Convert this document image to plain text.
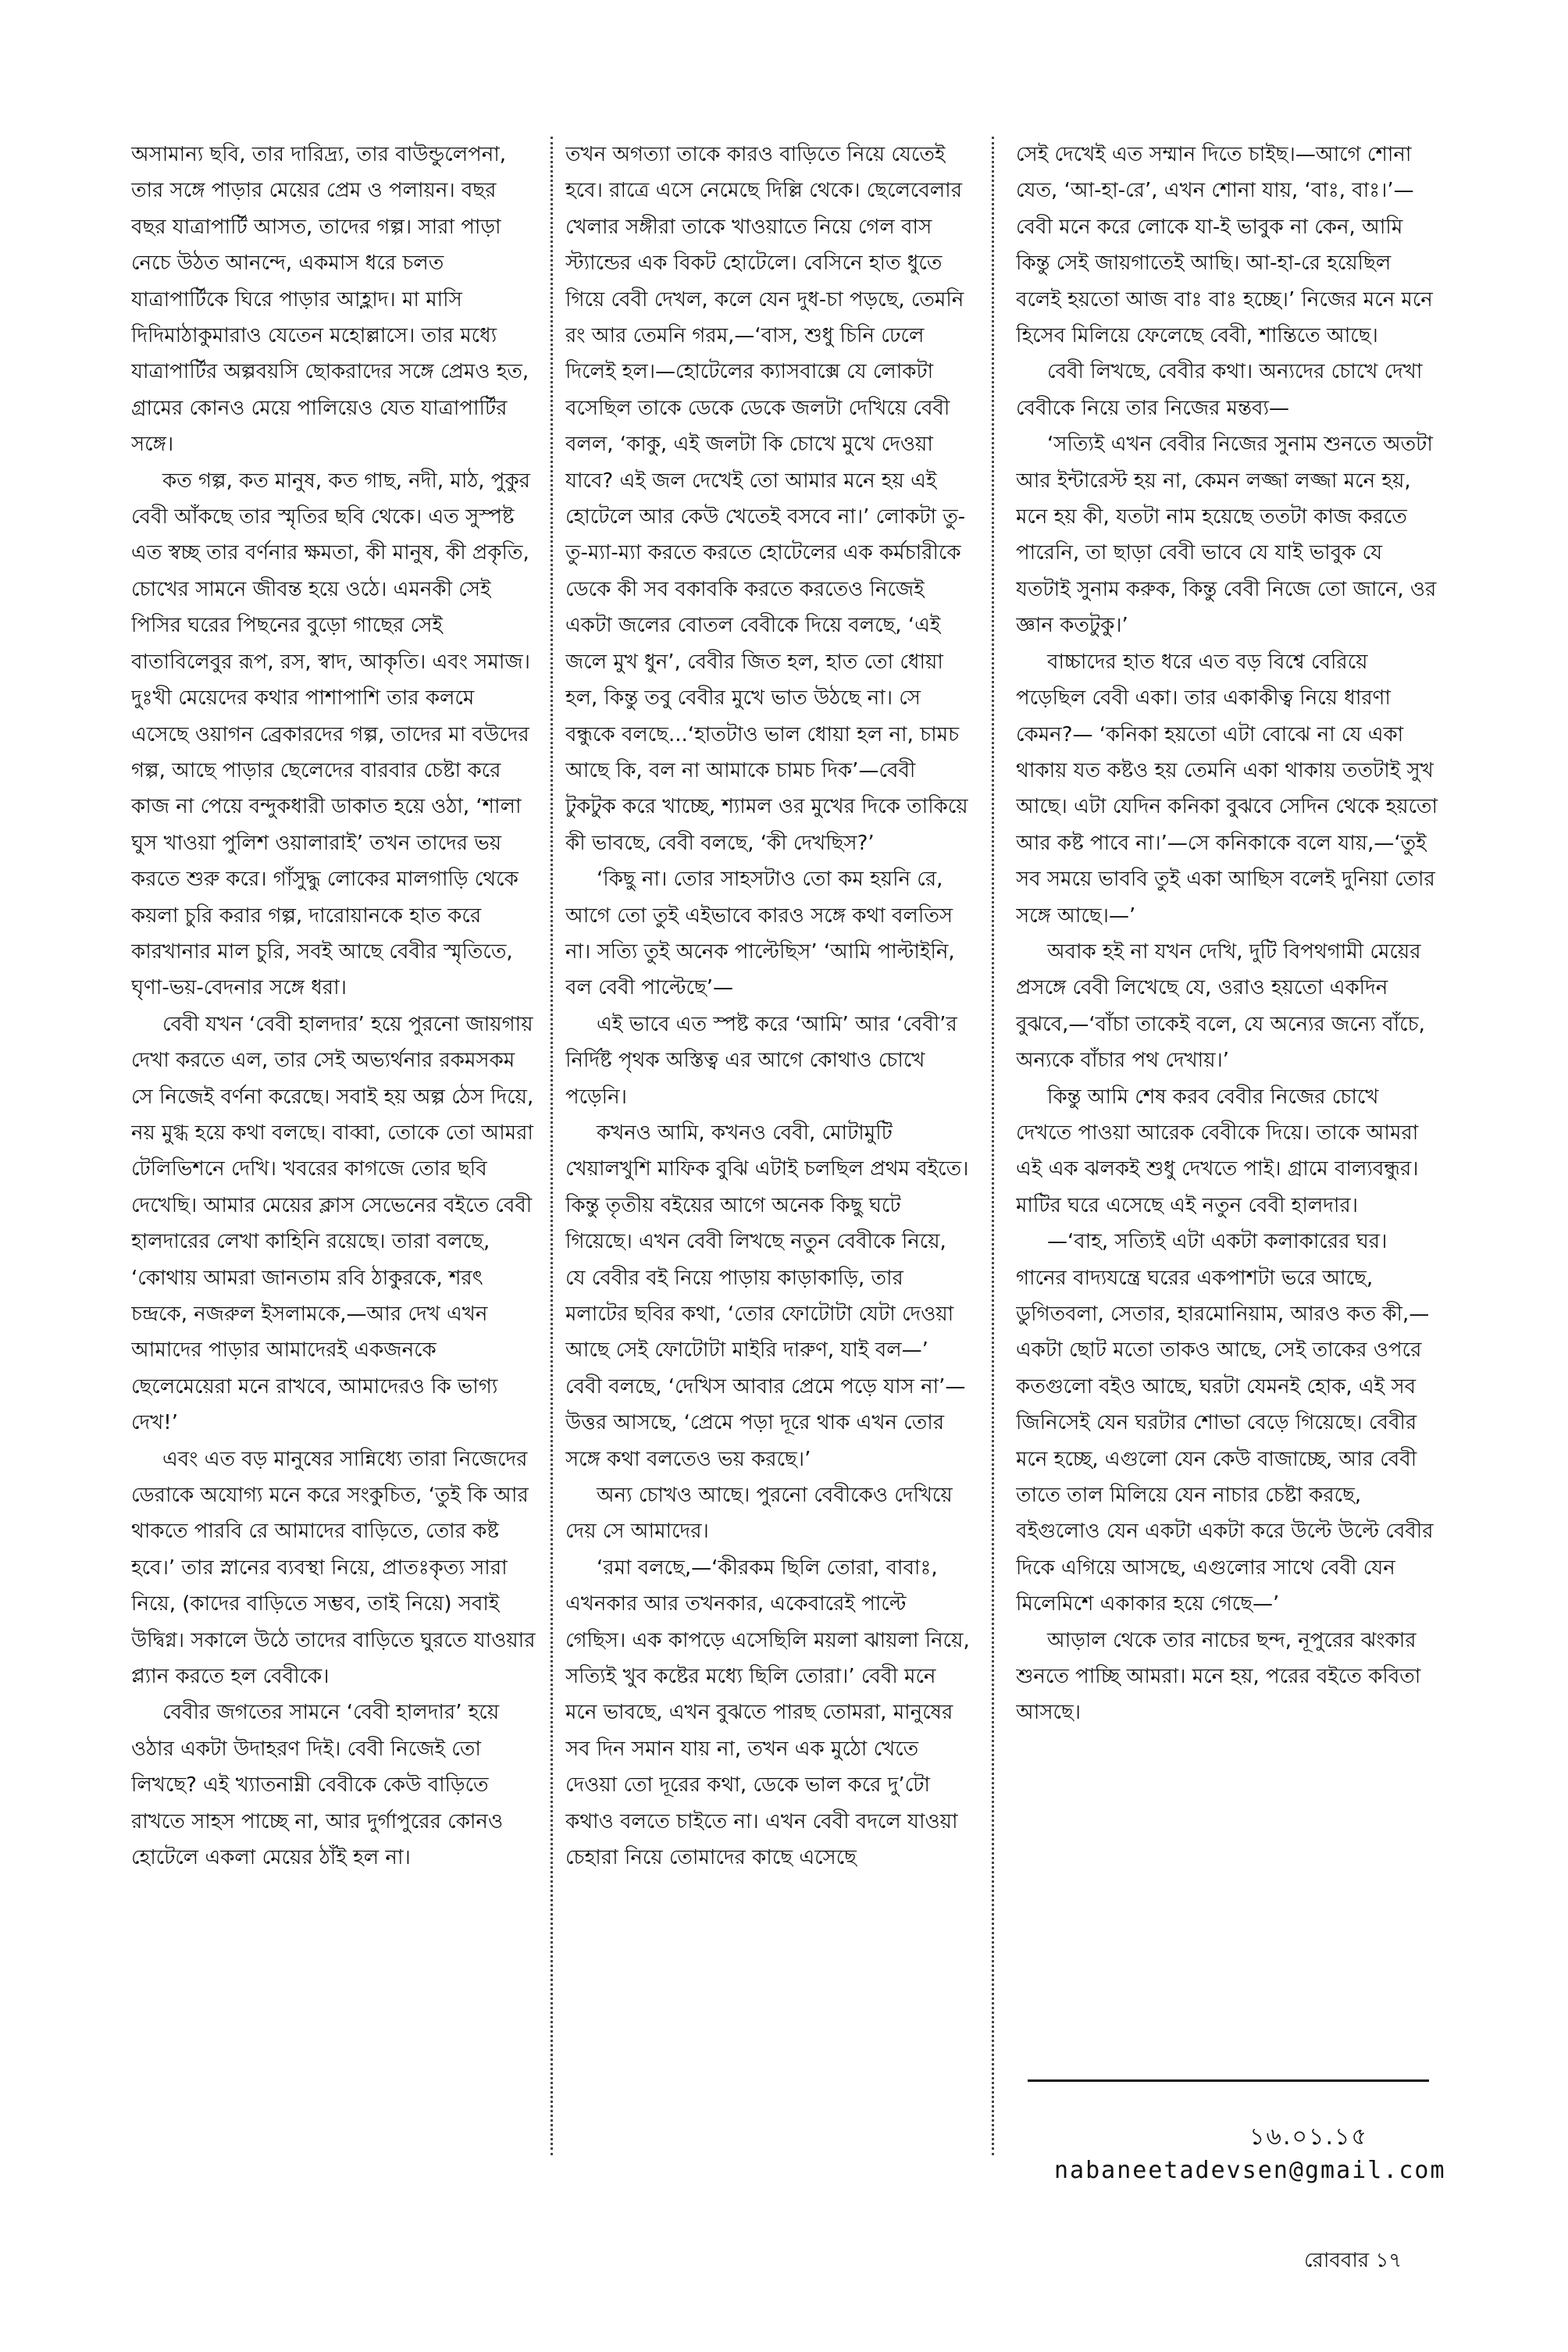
অসামান্য ছবি, তার দারিদ্র্য, তার বাউন্ডুলেপনা, তার সঙ্গে পাড়ার মেয়ের প্রেম ও পলায়ন। বছর বছর যাত্রাপার্টি আসত, তাদের গল্প। সারা পাড়া নেচে উঠত আনন্দে, একমাস ধরে চলত যাত্রাপার্টিকে ঘিরে পাড়ার আহ্লাদ। মা মাসি দিদিমাঠাকুমারাও যেতেন মহোল্লাসে। তার মধ্যে যাত্রাপার্টির অল্পবয়সি ছোকরাদের সঙ্গে প্রেমও হত, গ্রামের কোনও মেয়ে পালিয়েও যেত যাত্রাপার্টির সঙ্গে।

কত গল্প, কত মানুষ, কত গাছ, নদী, মাঠ, পুকুর বেবী আঁকছে তার স্মৃতির ছবি থেকে। এত সুস্পষ্ট এত স্বচ্ছ তার বর্ণনার ক্ষমতা, কী মানুষ, কী প্রকৃতি, চোখের সামনে জীবন্ত হয়ে ওঠে। এমনকী সেই পিসির ঘরের পিছনের বুড়ো গাছের সেই বাতাবিলেবুর রূপ, রস, স্বাদ, আকৃতি। এবং সমাজ। দুঃখী মেয়েদের কথার পাশাপাশি তার কলমে এসেছে ওয়াগন ব্রেকারদের গল্প, তাদের মা বউদের গল্প, আছে পাড়ার ছেলেদের বারবার চেষ্টা করে কাজ না পেয়ে বন্দুকধারী ডাকাত হয়ে ওঠা, ‘শালা ঘুস খাওয়া পুলিশ ওয়ালারাই’ তখন তাদের ভয় করতে শুরু করে। গাঁসুদ্ধু লোকের মালগাড়ি থেকে কয়লা চুরি করার গল্প, দারোয়ানকে হাত করে কারখানার মাল চুরি, সবই আছে বেবীর স্মৃতিতে, ঘৃণা-ভয়-বেদনার সঙ্গে ধরা।

বেবী যখন ‘বেবী হালদার’ হয়ে পুরনো জায়গায় দেখা করতে এল, তার সেই অভ্যর্থনার রকমসকম সে নিজেই বর্ণনা করেছে। সবাই হয় অল্প ঠেস দিয়ে, নয় মুগ্ধ হয়ে কথা বলছে। বাব্বা, তোকে তো আমরা টেলিভিশনে দেখি। খবরের কাগজে তোর ছবি দেখেছি। আমার মেয়ের ক্লাস সেভেনের বইতে বেবী হালদারের লেখা কাহিনি রয়েছে। তারা বলছে, ‘কোথায় আমরা জানতাম রবি ঠাকুরকে, শরৎ চন্দ্রকে, নজরুল ইসলামকে,—আর দেখ এখন আমাদের পাড়ার আমাদেরই একজনকে ছেলেমেয়েরা মনে রাখবে, আমাদেরও কি ভাগ্য দেখ!’

এবং এত বড় মানুষের সান্নিধ্যে তারা নিজেদের ডেরাকে অযোগ্য মনে করে সংকুচিত, ‘তুই কি আর থাকতে পারবি রে আমাদের বাড়িতে, তোর কষ্ট হবে।’ তার স্নানের ব্যবস্থা নিয়ে, প্রাতঃকৃত্য সারা নিয়ে, (কাদের বাড়িতে সম্ভব, তাই নিয়ে) সবাই উদ্বিগ্ন। সকালে উঠে তাদের বাড়িতে ঘুরতে যাওয়ার প্ল্যান করতে হল বেবীকে।

বেবীর জগতের সামনে ‘বেবী হালদার’ হয়ে ওঠার একটা উদাহরণ দিই। বেবী নিজেই তো লিখছে? এই খ্যাতনাম্নী বেবীকে কেউ বাড়িতে রাখতে সাহস পাচ্ছে না, আর দুর্গাপুরের কোনও হোটেলে একলা মেয়ের ঠাঁই হল না।

তখন অগত্যা তাকে কারও বাড়িতে নিয়ে যেতেই হবে। রাত্রে এসে নেমেছে দিল্লি থেকে। ছেলেবেলার খেলার সঙ্গীরা তাকে খাওয়াতে নিয়ে গেল বাস স্ট্যান্ডের এক বিকট হোটেলে। বেসিনে হাত ধুতে গিয়ে বেবী দেখল, কলে যেন দুধ-চা পড়ছে, তেমনি রং আর তেমনি গরম,—‘বাস, শুধু চিনি ঢেলে দিলেই হল।—হোটেলের ক্যাসবাক্সে যে লোকটা বসেছিল তাকে ডেকে ডেকে জলটা দেখিয়ে বেবী বলল, ‘কাকু, এই জলটা কি চোখে মুখে দেওয়া যাবে? এই জল দেখেই তো আমার মনে হয় এই হোটেলে আর কেউ খেতেই বসবে না।’ লোকটা তু-তু-ম্যা-ম্যা করতে করতে হোটেলের এক কর্মচারীকে ডেকে কী সব বকাবকি করতে করতেও নিজেই একটা জলের বোতল বেবীকে দিয়ে বলছে, ‘এই জলে মুখ ধুন’, বেবীর জিত হল, হাত তো ধোয়া হল, কিন্তু তবু বেবীর মুখে ভাত উঠছে না। সে বন্ধুকে বলছে...‘হাতটাও ভাল ধোয়া হল না, চামচ আছে কি, বল না আমাকে চামচ দিক’—বেবী টুকটুক করে খাচ্ছে, শ্যামল ওর মুখের দিকে তাকিয়ে কী ভাবছে, বেবী বলছে, ‘কী দেখছিস?’

‘কিছু না। তোর সাহসটাও তো কম হয়নি রে, আগে তো তুই এইভাবে কারও সঙ্গে কথা বলতিস না। সত্যি তুই অনেক পাল্টেছিস’ ‘আমি পাল্টাইনি, বল বেবী পাল্টেছে’—

এই ভাবে এত স্পষ্ট করে ‘আমি’ আর ‘বেবী’র নির্দিষ্ট পৃথক অস্তিত্ব এর আগে কোথাও চোখে পড়েনি।

কখনও আমি, কখনও বেবী, মোটামুটি খেয়ালখুশি মাফিক বুঝি এটাই চলছিল প্রথম বইতে। কিন্তু তৃতীয় বইয়ের আগে অনেক কিছু ঘটে গিয়েছে। এখন বেবী লিখছে নতুন বেবীকে নিয়ে, যে বেবীর বই নিয়ে পাড়ায় কাড়াকাড়ি, তার মলাটের ছবির কথা, ‘তোর ফোটোটা যেটা দেওয়া আছে সেই ফোটোটা মাইরি দারুণ, যাই বল—’ বেবী বলছে, ‘দেখিস আবার প্রেমে পড়ে যাস না’—উত্তর আসছে, ‘প্রেমে পড়া দূরে থাক এখন তোর সঙ্গে কথা বলতেও ভয় করছে।’

অন্য চোখও আছে। পুরনো বেবীকেও দেখিয়ে দেয় সে আমাদের।

‘রমা বলছে,—‘কীরকম ছিলি তোরা, বাবাঃ, এখনকার আর তখনকার, একেবারেই পাল্টে গেছিস। এক কাপড়ে এসেছিলি ময়লা ঝায়লা নিয়ে, সত্যিই খুব কষ্টের মধ্যে ছিলি তোরা।’ বেবী মনে মনে ভাবছে, এখন বুঝতে পারছ তোমরা, মানুষের সব দিন সমান যায় না, তখন এক মুঠো খেতে দেওয়া তো দূরের কথা, ডেকে ভাল করে দু’টো কথাও বলতে চাইতে না। এখন বেবী বদলে যাওয়া চেহারা নিয়ে তোমাদের কাছে এসেছে

সেই দেখেই এত সম্মান দিতে চাইছ।—আগে শোনা যেত, ‘আ-হা-রে’, এখন শোনা যায়, ‘বাঃ, বাঃ।’—বেবী মনে করে লোকে যা-ই ভাবুক না কেন, আমি কিন্তু সেই জায়গাতেই আছি। আ-হা-রে হয়েছিল বলেই হয়তো আজ বাঃ বাঃ হচ্ছে।’ নিজের মনে মনে হিসেব মিলিয়ে ফেলেছে বেবী, শান্তিতে আছে।

বেবী লিখছে, বেবীর কথা। অন্যদের চোখে দেখা বেবীকে নিয়ে তার নিজের মন্তব্য—

‘সত্যিই এখন বেবীর নিজের সুনাম শুনতে অতটা আর ইন্টারেস্ট হয় না, কেমন লজ্জা লজ্জা মনে হয়, মনে হয় কী, যতটা নাম হয়েছে ততটা কাজ করতে পারেনি, তা ছাড়া বেবী ভাবে যে যাই ভাবুক যে যতটাই সুনাম করুক, কিন্তু বেবী নিজে তো জানে, ওর জ্ঞান কতটুকু।’

বাচ্চাদের হাত ধরে এত বড় বিশ্বে বেরিয়ে পড়েছিল বেবী একা। তার একাকীত্ব নিয়ে ধারণা কেমন?— ‘কনিকা হয়তো এটা বোঝে না যে একা থাকায় যত কষ্টও হয় তেমনি একা থাকায় ততটাই সুখ আছে। এটা যেদিন কনিকা বুঝবে সেদিন থেকে হয়তো আর কষ্ট পাবে না।’—সে কনিকাকে বলে যায়,—‘তুই সব সময়ে ভাববি তুই একা আছিস বলেই দুনিয়া তোর সঙ্গে আছে।—’

অবাক হই না যখন দেখি, দুটি বিপথগামী মেয়ের প্রসঙ্গে বেবী লিখেছে যে, ওরাও হয়তো একদিন বুঝবে,—‘বাঁচা তাকেই বলে, যে অন্যের জন্যে বাঁচে, অন্যকে বাঁচার পথ দেখায়।’

কিন্তু আমি শেষ করব বেবীর নিজের চোখে দেখতে পাওয়া আরেক বেবীকে দিয়ে। তাকে আমরা এই এক ঝলকই শুধু দেখতে পাই। গ্রামে বাল্যবন্ধুর। মাটির ঘরে এসেছে এই নতুন বেবী হালদার।

—‘বাহ, সত্যিই এটা একটা কলাকারের ঘর। গানের বাদ্যযন্ত্রে ঘরের একপাশটা ভরে আছে, ডুগিতবলা, সেতার, হারমোনিয়াম, আরও কত কী,—একটা ছোট মতো তাকও আছে, সেই তাকের ওপরে কতগুলো বইও আছে, ঘরটা যেমনই হোক, এই সব জিনিসেই যেন ঘরটার শোভা বেড়ে গিয়েছে। বেবীর মনে হচ্ছে, এগুলো যেন কেউ বাজাচ্ছে, আর বেবী তাতে তাল মিলিয়ে যেন নাচার চেষ্টা করছে, বইগুলোও যেন একটা একটা করে উল্টে উল্টে বেবীর দিকে এগিয়ে আসছে, এগুলোর সাথে বেবী যেন মিলেমিশে একাকার হয়ে গেছে—’

আড়াল থেকে তার নাচের ছন্দ, নূপুরের ঝংকার শুনতে পাচ্ছি আমরা। মনে হয়, পরের বইতে কবিতা আসছে।

১৬.০১.১৫
nabaneetadevsen@gmail.com
রোববার ১৭
